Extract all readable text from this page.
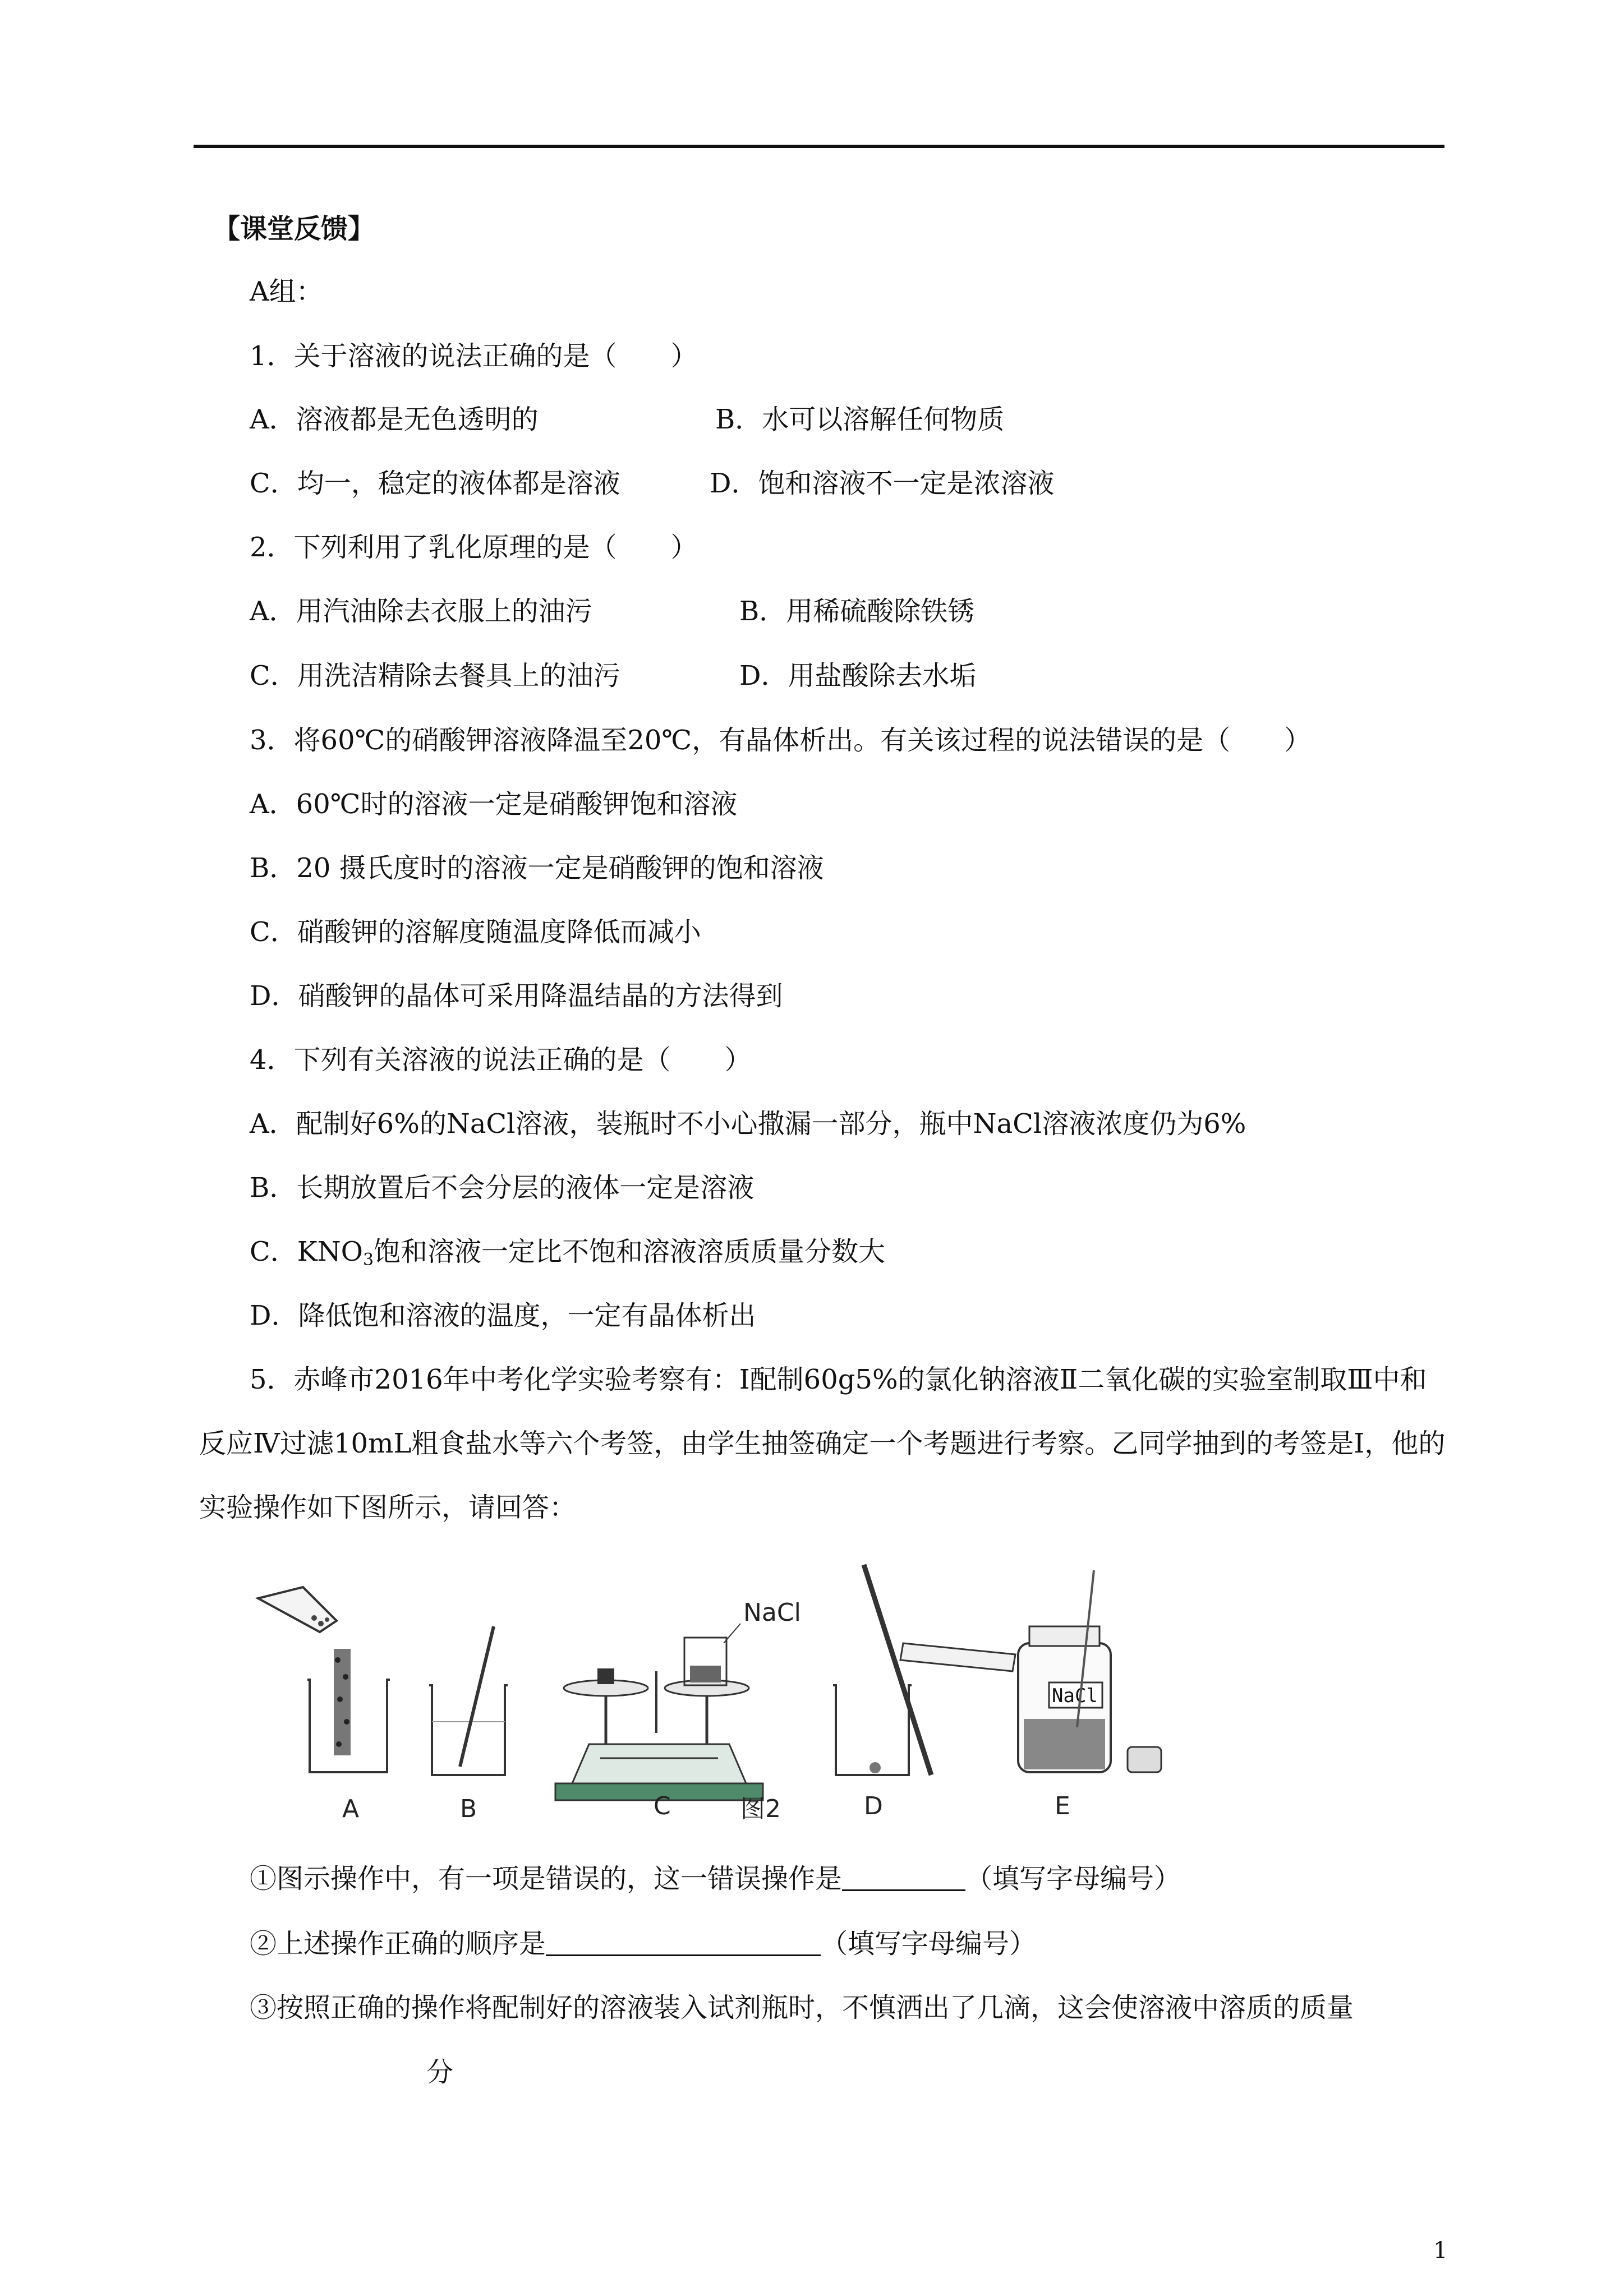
【课堂反馈】
A组：
1．关于溶液的说法正确的是（　　）
A．溶液都是无色透明的	B．水可以溶解任何物质
C．均一，稳定的液体都是溶液	D．饱和溶液不一定是浓溶液
2．下列利用了乳化原理的是（　　）
A．用汽油除去衣服上的油污	B．用稀硫酸除铁锈
C．用洗洁精除去餐具上的油污	D．用盐酸除去水垢
3．将60℃的硝酸钾溶液降温至20℃，有晶体析出。有关该过程的说法错误的是（　　）
A．60℃时的溶液一定是硝酸钾饱和溶液
B．20 摄氏度时的溶液一定是硝酸钾的饱和溶液
C．硝酸钾的溶解度随温度降低而减小
D．硝酸钾的晶体可采用降温结晶的方法得到
4．下列有关溶液的说法正确的是（　　）
A．配制好6%的NaCl溶液，装瓶时不小心撒漏一部分，瓶中NaCl溶液浓度仍为6%
B．长期放置后不会分层的液体一定是溶液
C．$KNO_3$饱和溶液一定比不饱和溶液溶质质量分数大
D．降低饱和溶液的温度，一定有晶体析出
5．赤峰市2016年中考化学实验考察有：Ⅰ配制60g5%的氯化钠溶液Ⅱ二氧化碳的实验室制取Ⅲ中和反应Ⅳ过滤10mL粗食盐水等六个考签，由学生抽签确定一个考题进行考察。乙同学抽到的考签是Ⅰ，他的实验操作如下图所示，请回答：
NaCl
NaCl
A	B	C	图2	D	E
①图示操作中，有一项是错误的，这一错误操作是	（填写字母编号）
②上述操作正确的顺序是	（填写字母编号）
③按照正确的操作将配制好的溶液装入试剂瓶时，不慎洒出了几滴，这会使溶液中溶质的质量
分
1
